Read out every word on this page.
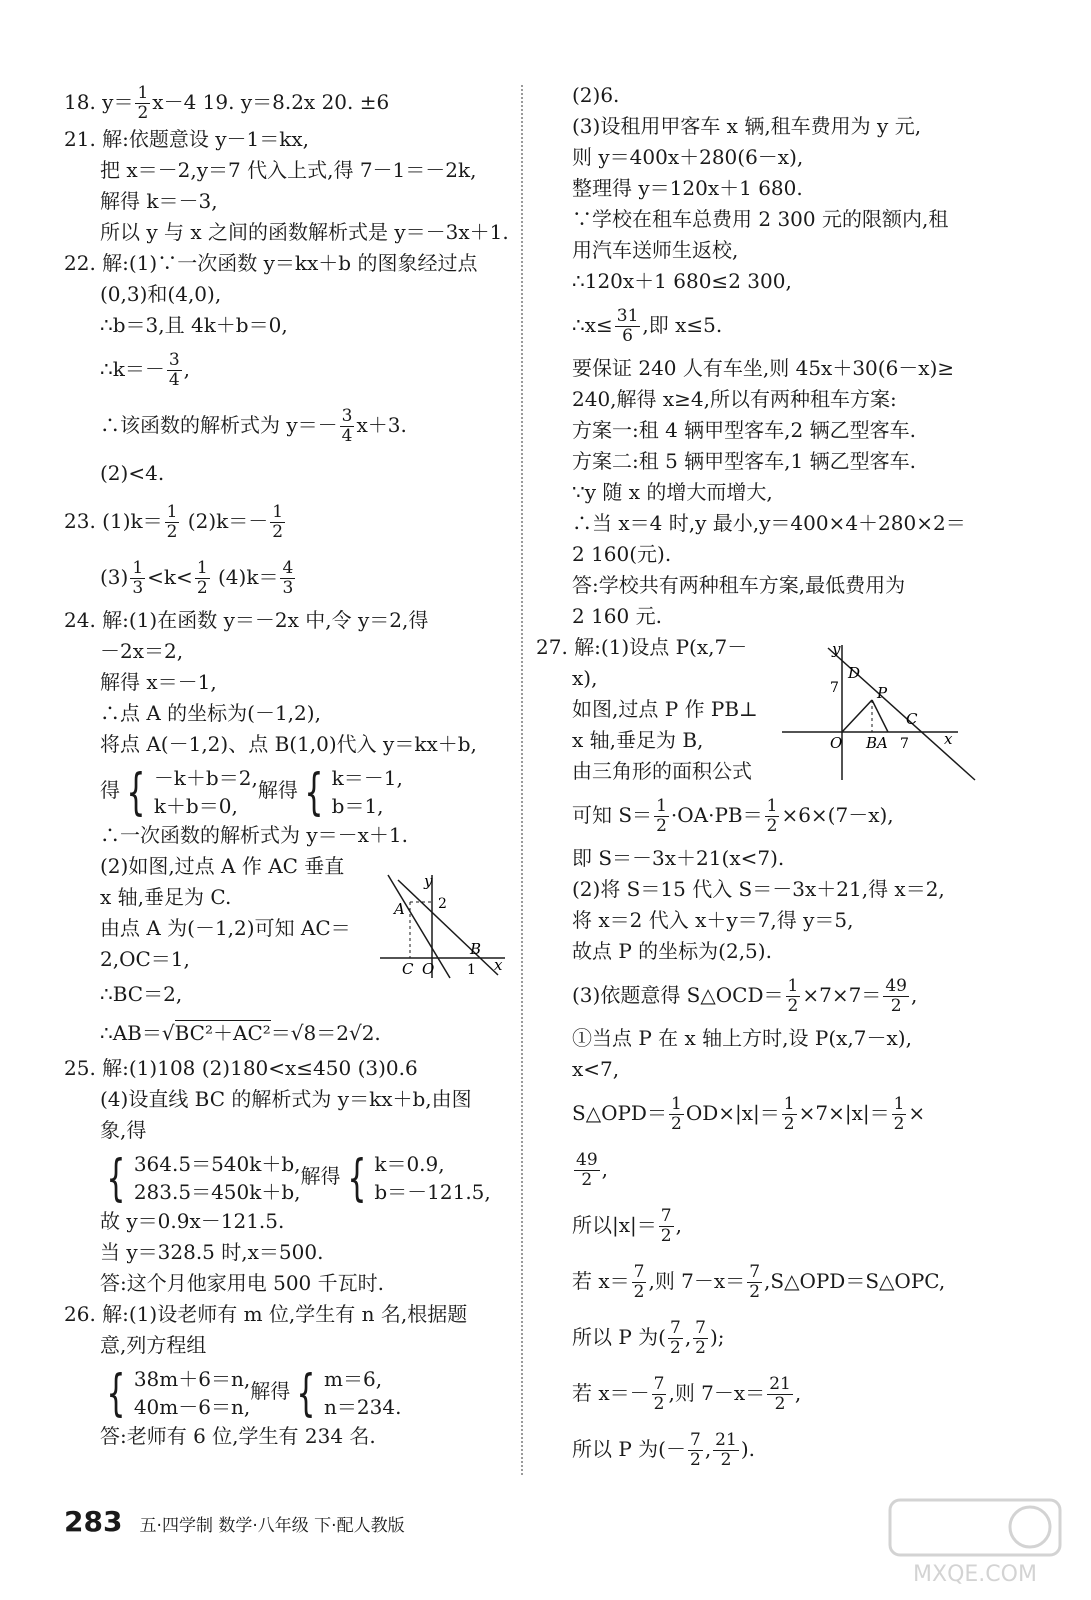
18. $y= \frac{1}{2} x-4$ 19. y＝8.2x 20. ±6
21. 解:依题意设 y－1＝kx,
把 x＝－2,y＝7 代入上式,得 7－1＝－2k,
解得 k＝－3,
所以 y 与 x 之间的函数解析式是 y＝－3x＋1.
22. 解:(1)∵一次函数 y＝kx＋b 的图象经过点
(0,3)和(4,0),
∴b＝3,且 4k＋b＝0,
∴k＝－ $\frac{3}{4}$ ,
∴该函数的解析式为 $y=- \frac{3}{4} x+3$.
(2)<4.
23. $(1)k= \frac{1}{2} (2)k=- \frac{1}{2}$
$(3) \frac{1}{3} <k< \frac{1}{2} (4)k= \frac{4}{3}$
24. 解:(1)在函数 y＝－2x 中,令 y＝2,得
－2x＝2,
解得 x＝－1,
∴点 A 的坐标为(－1,2),
将点 A(－1,2)、点 B(1,0)代入 y＝kx＋b,
得 { －k＋b＝2,
k＋b＝0,
解得 { k＝－1,
b＝1,
∴一次函数的解析式为 y＝－x＋1.
(2)如图,过点 A 作 AC 垂直
x 轴,垂足为 C.
由点 A 为(－1,2)可知 AC＝
2,OC＝1,
∴BC＝2,
∴AB＝√BC²＋AC²＝√8＝2√2.
25. 解:(1)108 (2)180<x≤450 (3)0.6
(4)设直线 BC 的解析式为 y＝kx＋b,由图
象,得
{ 364.5＝540k＋b,
283.5＝450k＋b,
解得 { k＝0.9,
b＝－121.5,
故 y＝0.9x－121.5.
当 y＝328.5 时,x＝500.
答:这个月他家用电 500 千瓦时.
26. 解:(1)设老师有 m 位,学生有 n 名,根据题
意,列方程组
{ 38m＋6＝n,
40m－6＝n,
解得 { m＝6,
n＝234.
答:老师有 6 位,学生有 234 名.
y
A 2
B
C O 1 x
(2)6.
(3)设租用甲客车 x 辆,租车费用为 y 元,
则 y＝400x＋280(6－x),
整理得 y＝120x＋1 680.
∵学校在租车总费用 2 300 元的限额内,租
用汽车送师生返校,
∴120x＋1 680≤2 300,
∴x≤ $\frac{31}{6}$ ,即 x≤5.
要保证 240 人有车坐,则 45x＋30(6－x)≥
240,解得 x≥4,所以有两种租车方案:
方案一:租 4 辆甲型客车,2 辆乙型客车.
方案二:租 5 辆甲型客车,1 辆乙型客车.
∵y 随 x 的增大而增大,
∴当 x＝4 时,y 最小,y＝400×4＋280×2＝
2 160(元).
答:学校共有两种租车方案,最低费用为
2 160 元.
27. 解:(1)设点 P(x,7－
x),
如图,过点 P 作 PB⊥
x 轴,垂足为 B,
由三角形的面积公式
可知 $S= \frac{1}{2} \cdot OA\cdot PB= \frac{1}{2} \times 6\times(7-x)$,
即 S＝－3x＋21(x<7).
(2)将 S＝15 代入 S＝－3x＋21,得 x＝2,
将 x＝2 代入 x＋y＝7,得 y＝5,
故点 P 的坐标为(2,5).
(3)依题意得 S△OCD＝ $\frac{1}{2} \times 7\times 7= \frac{49}{2}$ ,
①当点 P 在 x 轴上方时,设 P(x,7－x),
x<7,
S△OPD＝ $\frac{1}{2} OD\times|x|= \frac{1}{2} \times 7\times|x|= \frac{1}{2}$ ×
$\frac{49}{2}$ ,
所以$|x|= \frac{7}{2}$ ,
若 $x= \frac{7}{2}$ ,则 $7-x= \frac{7}{2}$ ,S△OPD＝S△OPC,
所以 P 为( $\frac{7}{2}$ , $\frac{7}{2}$ );
若 $x=- \frac{7}{2}$ ,则 $7-x= \frac{21}{2}$ ,
所以 P 为(－ $\frac{7}{2}$ , $\frac{21}{2}$ ).
y
D
P
7
C
O BA 7 x
283 五·四学制 数学·八年级 下·配人教版
MXQE.COM
